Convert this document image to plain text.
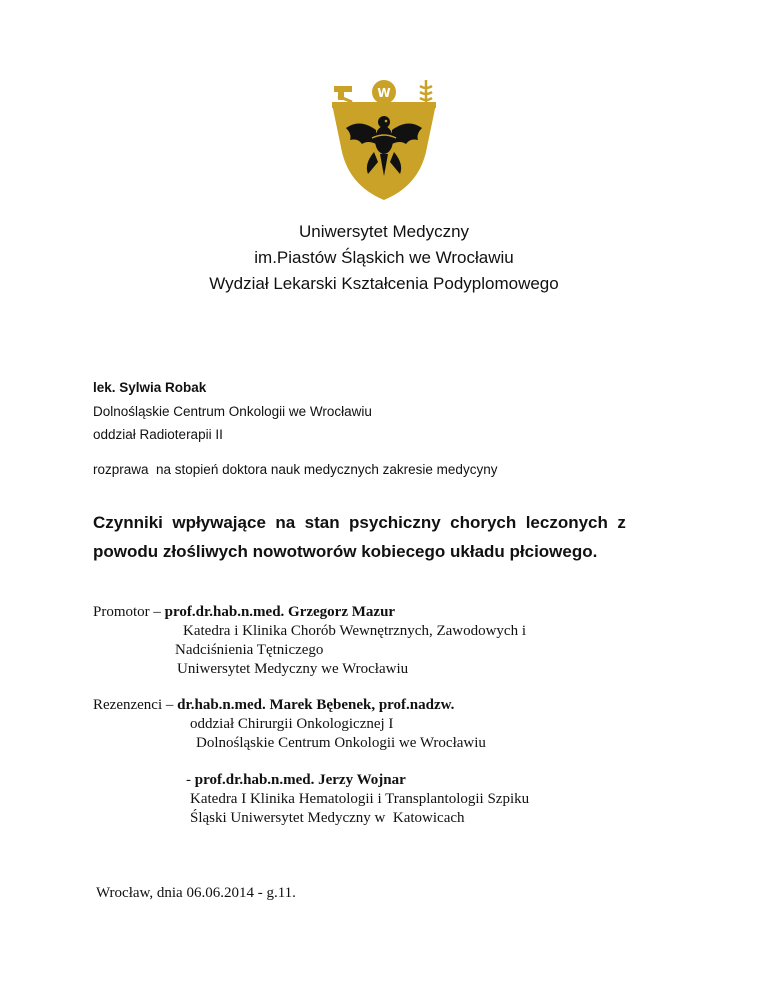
W
Uniwersytet Medyczny
im.Piastów Śląskich we Wrocławiu
Wydział Lekarski Kształcenia Podyplomowego
lek. Sylwia Robak
Dolnośląskie Centrum Onkologii we Wrocławiu
oddział Radioterapii II
rozprawa  na stopień doktora nauk medycznych zakresie medycyny
Czynniki  wpływające  na  stan  psychiczny  chorych  leczonych  z
powodu złośliwych nowotworów kobiecego układu płciowego.
Promotor – prof.dr.hab.n.med. Grzegorz Mazur
Katedra i Klinika Chorób Wewnętrznych, Zawodowych i
Nadciśnienia Tętniczego
Uniwersytet Medyczny we Wrocławiu
Rezenzenci – dr.hab.n.med. Marek Bębenek, prof.nadzw.
oddział Chirurgii Onkologicznej I
Dolnośląskie Centrum Onkologii we Wrocławiu
- prof.dr.hab.n.med. Jerzy Wojnar
Katedra I Klinika Hematologii i Transplantologii Szpiku
Śląski Uniwersytet Medyczny w  Katowicach
Wrocław, dnia 06.06.2014 - g.11.
